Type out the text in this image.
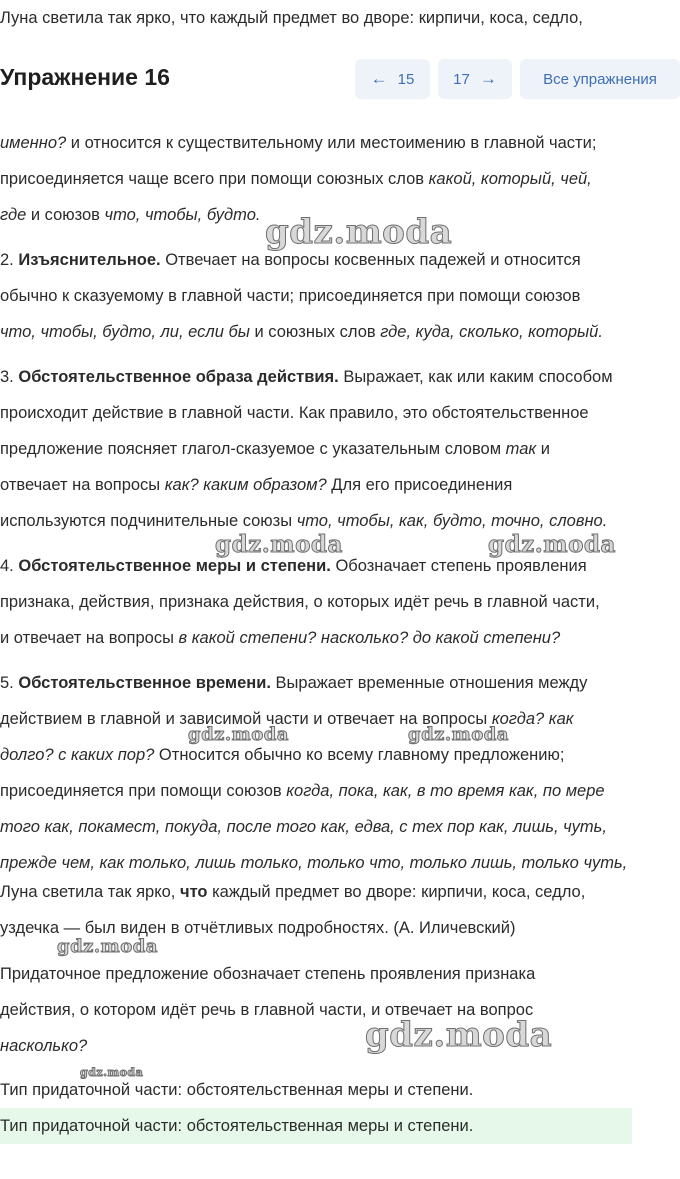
Луна светила так ярко, что каждый предмет во дворе: кирпичи, коса, седло,
Упражнение 16	← 15	17 →	Все упражнения
именно? и относится к существительному или местоимению в главной части;
присоединяется чаще всего при помощи союзных слов какой, который, чей,
где и союзов что, чтобы, будто.
2. Изъяснительное. Отвечает на вопросы косвенных падежей и относится
обычно к сказуемому в главной части; присоединяется при помощи союзов
что, чтобы, будто, ли, если бы и союзных слов где, куда, сколько, который.
3. Обстоятельственное образа действия. Выражает, как или каким способом
происходит действие в главной части. Как правило, это обстоятельственное
предложение поясняет глагол-сказуемое с указательным словом так и
отвечает на вопросы как? каким образом? Для его присоединения
используются подчинительные союзы что, чтобы, как, будто, точно, словно.
4. Обстоятельственное меры и степени. Обозначает степень проявления
признака, действия, признака действия, о которых идёт речь в главной части,
и отвечает на вопросы в какой степени? насколько? до какой степени?
5. Обстоятельственное времени. Выражает временные отношения между
действием в главной и зависимой части и отвечает на вопросы когда? как
долго? с каких пор? Относится обычно ко всему главному предложению;
присоединяется при помощи союзов когда, пока, как, в то время как, по мере
того как, покамест, покуда, после того как, едва, с тех пор как, лишь, чуть,
прежде чем, как только, лишь только, только что, только лишь, только чуть,
Луна светила так ярко, что каждый предмет во дворе: кирпичи, коса, седло,
уздечка — был виден в отчётливых подробностях. (А. Иличевский)
Придаточное предложение обозначает степень проявления признака
действия, о котором идёт речь в главной части, и отвечает на вопрос
насколько?
Тип придаточной части: обстоятельственная меры и степени.
Тип придаточной части: обстоятельственная меры и степени.
gdz.moda
gdz.moda	gdz.moda
gdz.moda	gdz.moda
gdz.moda
gdz.moda
gdz.moda
